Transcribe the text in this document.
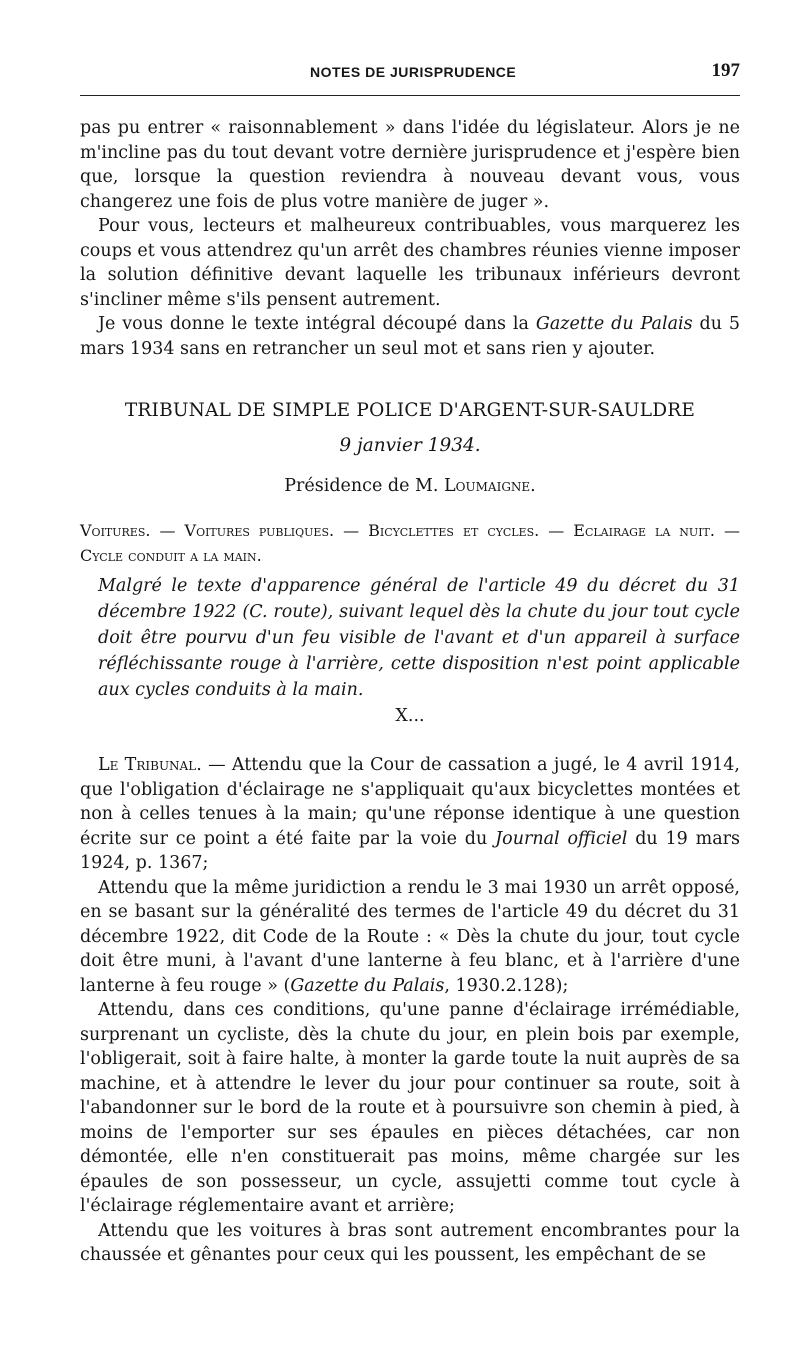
NOTES DE JURISPRUDENCE	197

pas pu entrer « raisonnablement » dans l'idée du législateur. Alors je ne m'incline pas du tout devant votre dernière jurisprudence et j'espère bien que, lorsque la question reviendra à nouveau devant vous, vous changerez une fois de plus votre manière de juger ».

Pour vous, lecteurs et malheureux contribuables, vous marquerez les coups et vous attendrez qu'un arrêt des chambres réunies vienne imposer la solution définitive devant laquelle les tribunaux inférieurs devront s'incliner même s'ils pensent autrement.

Je vous donne le texte intégral découpé dans la Gazette du Palais du 5 mars 1934 sans en retrancher un seul mot et sans rien y ajouter.

TRIBUNAL DE SIMPLE POLICE D'ARGENT-SUR-SAULDRE
9 janvier 1934.
Présidence de M. Loumaigne.
Voitures. — Voitures publiques. — Bicyclettes et cycles. — Eclairage la nuit. — Cycle conduit a la main.
Malgré le texte d'apparence général de l'article 49 du décret du 31 décembre 1922 (C. route), suivant lequel dès la chute du jour tout cycle doit être pourvu d'un feu visible de l'avant et d'un appareil à surface réfléchissante rouge à l'arrière, cette disposition n'est point applicable aux cycles conduits à la main.
X...

Le Tribunal. — Attendu que la Cour de cassation a jugé, le 4 avril 1914, que l'obligation d'éclairage ne s'appliquait qu'aux bicyclettes montées et non à celles tenues à la main; qu'une réponse identique à une question écrite sur ce point a été faite par la voie du Journal officiel du 19 mars 1924, p. 1367;

Attendu que la même juridiction a rendu le 3 mai 1930 un arrêt opposé, en se basant sur la généralité des termes de l'article 49 du décret du 31 décembre 1922, dit Code de la Route : « Dès la chute du jour, tout cycle doit être muni, à l'avant d'une lanterne à feu blanc, et à l'arrière d'une lanterne à feu rouge » (Gazette du Palais, 1930.2.128);

Attendu, dans ces conditions, qu'une panne d'éclairage irrémédiable, surprenant un cycliste, dès la chute du jour, en plein bois par exemple, l'obligerait, soit à faire halte, à monter la garde toute la nuit auprès de sa machine, et à attendre le lever du jour pour continuer sa route, soit à l'abandonner sur le bord de la route et à poursuivre son chemin à pied, à moins de l'emporter sur ses épaules en pièces détachées, car non démontée, elle n'en constituerait pas moins, même chargée sur les épaules de son possesseur, un cycle, assujetti comme tout cycle à l'éclairage réglementaire avant et arrière;

Attendu que les voitures à bras sont autrement encombrantes pour la chaussée et gênantes pour ceux qui les poussent, les empêchant de se
